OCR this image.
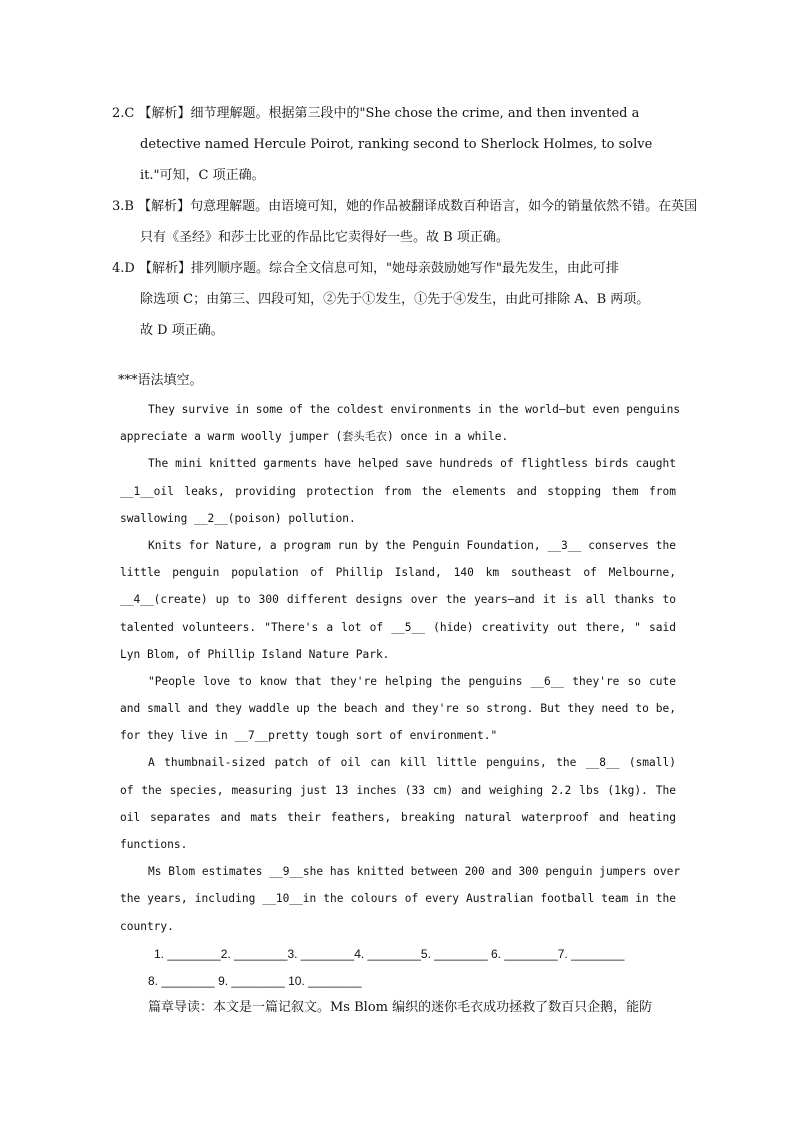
2.C 【解析】细节理解题。根据第三段中的"She chose the crime, and then invented a
detective named Hercule Poirot, ranking second to Sherlock Holmes, to solve
it."可知，C 项正确。
3.B 【解析】句意理解题。由语境可知，她的作品被翻译成数百种语言，如今的销量依然不错。在英国
只有《圣经》和莎士比亚的作品比它卖得好一些。故 B 项正确。
4.D 【解析】排列顺序题。综合全文信息可知，"她母亲鼓励她写作"最先发生，由此可排
除选项 C；由第三、四段可知，②先于①发生，①先于④发生，由此可排除 A、B 两项。
故 D 项正确。
***语法填空。
They survive in some of the coldest environments in the world—but even penguins
appreciate a warm woolly jumper (套头毛衣) once in a while.
The mini knitted garments have helped save hundreds of flightless birds caught
__1__oil leaks, providing protection from the elements and stopping them from
swallowing __2__(poison) pollution.
Knits for Nature, a program run by the Penguin Foundation, __3__ conserves the
little penguin population of Phillip Island, 140 km southeast of Melbourne,
__4__(create) up to 300 different designs over the years—and it is all thanks to
talented volunteers. "There's a lot of __5__ (hide) creativity out there, " said
Lyn Blom, of Phillip Island Nature Park.
"People love to know that they're helping the penguins __6__ they're so cute
and small and they waddle up the beach and they're so strong. But they need to be,
for they live in __7__pretty tough sort of environment."
A thumbnail-sized patch of oil can kill little penguins, the __8__ (small)
of the species, measuring just 13 inches (33 cm) and weighing 2.2 lbs (1kg). The
oil separates and mats their feathers, breaking natural waterproof and heating
functions.
Ms Blom estimates __9__she has knitted between 200 and 300 penguin jumpers over
the years, including __10__in the colours of every Australian football team in the
country.
1. ________2. ________3. ________4. ________5. ________ 6. ________7. ________
8. ________ 9. ________ 10. ________
篇章导读：本文是一篇记叙文。Ms Blom 编织的迷你毛衣成功拯救了数百只企鹅，能防
